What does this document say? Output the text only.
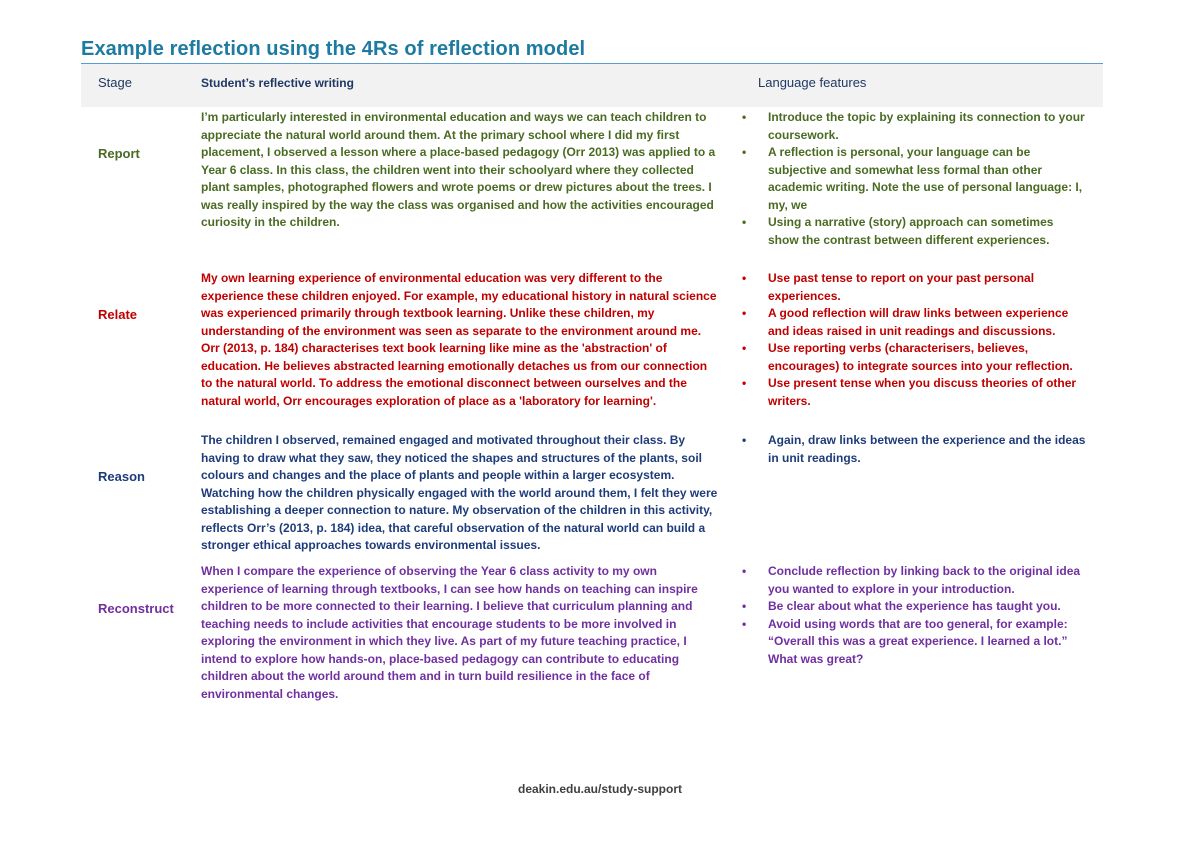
Example reflection using the 4Rs of reflection model
Stage	Student’s reflective writing	Language features
Report

I’m particularly interested in environmental education and ways we can teach children to appreciate the natural world around them. At the primary school where I did my first placement, I observed a lesson where a place-based pedagogy (Orr 2013) was applied to a Year 6 class. In this class, the children went into their schoolyard where they collected plant samples, photographed flowers and wrote poems or drew pictures about the trees. I was really inspired by the way the class was organised and how the activities encouraged curiosity in the children.

• Introduce the topic by explaining its connection to your coursework.
• A reflection is personal, your language can be subjective and somewhat less formal than other academic writing. Note the use of personal language: I, my, we
• Using a narrative (story) approach can sometimes show the contrast between different experiences.
Relate

My own learning experience of environmental education was very different to the experience these children enjoyed. For example, my educational history in natural science was experienced primarily through textbook learning. Unlike these children, my understanding of the environment was seen as separate to the environment around me. Orr (2013, p. 184) characterises text book learning like mine as the 'abstraction' of education. He believes abstracted learning emotionally detaches us from our connection to the natural world. To address the emotional disconnect between ourselves and the natural world, Orr encourages exploration of place as a 'laboratory for learning'.

• Use past tense to report on your past personal experiences.
• A good reflection will draw links between experience and ideas raised in unit readings and discussions.
• Use reporting verbs (characterisers, believes, encourages) to integrate sources into your reflection.
• Use present tense when you discuss theories of other writers.
Reason

The children I observed, remained engaged and motivated throughout their class. By having to draw what they saw, they noticed the shapes and structures of the plants, soil colours and changes and the place of plants and people within a larger ecosystem. Watching how the children physically engaged with the world around them, I felt they were establishing a deeper connection to nature. My observation of the children in this activity, reflects Orr’s (2013, p. 184) idea, that careful observation of the natural world can build a stronger ethical approaches towards environmental issues.

• Again, draw links between the experience and the ideas in unit readings.
Reconstruct

When I compare the experience of observing the Year 6 class activity to my own experience of learning through textbooks, I can see how hands on teaching can inspire children to be more connected to their learning. I believe that curriculum planning and teaching needs to include activities that encourage students to be more involved in exploring the environment in which they live. As part of my future teaching practice, I intend to explore how hands-on, place-based pedagogy can contribute to educating children about the world around them and in turn build resilience in the face of environmental changes.

• Conclude reflection by linking back to the original idea you wanted to explore in your introduction.
• Be clear about what the experience has taught you.
• Avoid using words that are too general, for example: “Overall this was a great experience. I learned a lot.” What was great?
deakin.edu.au/study-support
